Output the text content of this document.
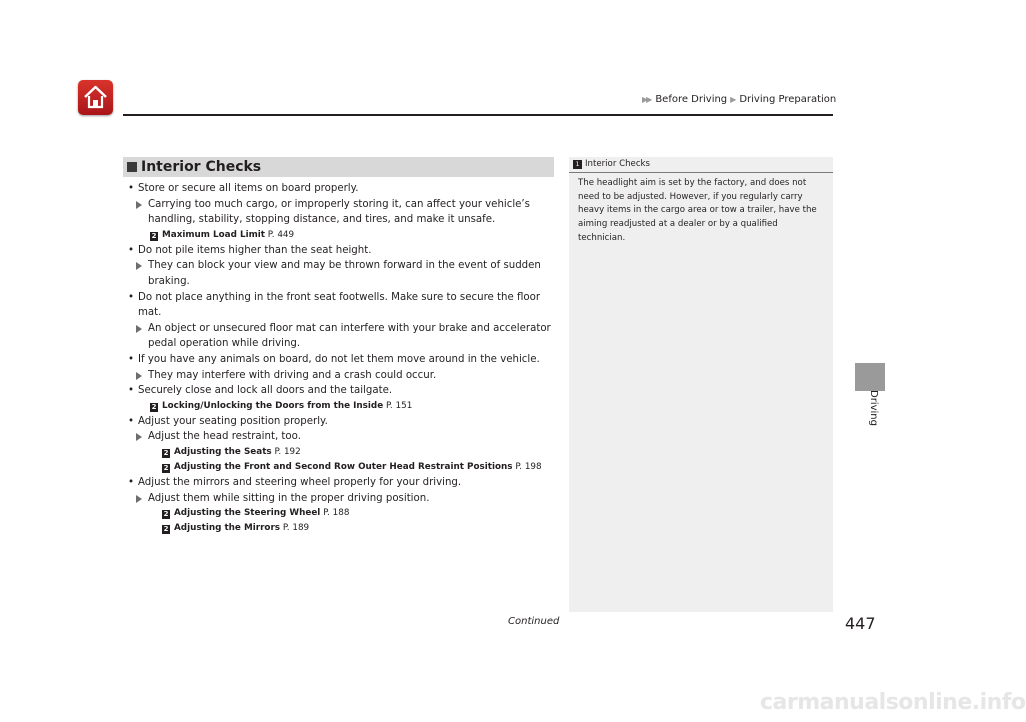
▶▶ Before Driving ▶ Driving Preparation
Interior Checks
• Store or secure all items on board properly.
Carrying too much cargo, or improperly storing it, can affect your vehicle’s handling, stability, stopping distance, and tires, and make it unsafe.
2 Maximum Load Limit P. 449
• Do not pile items higher than the seat height.
They can block your view and may be thrown forward in the event of sudden braking.
• Do not place anything in the front seat footwells. Make sure to secure the floor mat.
An object or unsecured floor mat can interfere with your brake and accelerator pedal operation while driving.
• If you have any animals on board, do not let them move around in the vehicle.
They may interfere with driving and a crash could occur.
• Securely close and lock all doors and the tailgate.
2 Locking/Unlocking the Doors from the Inside P. 151
• Adjust your seating position properly.
Adjust the head restraint, too.
2 Adjusting the Seats P. 192
2 Adjusting the Front and Second Row Outer Head Restraint Positions P. 198
• Adjust the mirrors and steering wheel properly for your driving.
Adjust them while sitting in the proper driving position.
2 Adjusting the Steering Wheel P. 188
2 Adjusting the Mirrors P. 189
1 Interior Checks
The headlight aim is set by the factory, and does not need to be adjusted. However, if you regularly carry heavy items in the cargo area or tow a trailer, have the aiming readjusted at a dealer or by a qualified technician.
Driving
Continued	447
carmanualsonline.info
